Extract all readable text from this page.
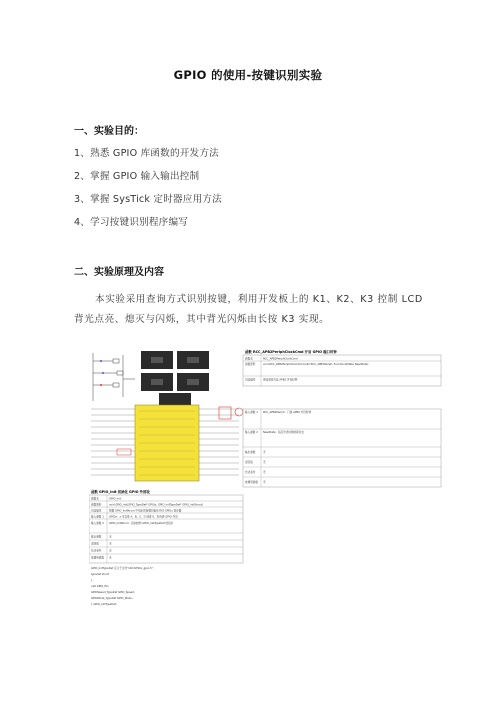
GPIO 的使用-按键识别实验
一、实验目的：
1、熟悉 GPIO 库函数的开发方法
2、掌握 GPIO 输入输出控制
3、掌握 SysTick 定时器应用方法
4、学习按键识别程序编写
二、实验原理及内容
本实验采用查询方式识别按键，利用开发板上的 K1、K2、K3 控制 LCD 背光点亮、熄灭与闪烁，其中背光闪烁由长按 K3 实现。
函数 RCC_APB2PeriphClockCmd 开启 GPIO 端口时钟
函数名	RCC_APB2PeriphClockCmd
函数原形	void RCC_APB2PeriphClockCmd(u32 RCC_APB2Periph, FunctionalState NewState)
功能描述	使能或者失能 APB2 外设时钟
输入参数 1 RCC_APB2Periph：门控 APB2 外设时钟
输入参数 2 NewState：指定外设时钟的新状态
输出参数	无
返回值	无
先决条件	无
被调用函数 无
函数 GPIO_Init 初始化 GPIO 外部设
函数名	GPIO_Init
函数原形	void GPIO_Init(GPIO_TypeDef* GPIOx, GPIO_InitTypeDef* GPIO_InitStruct)
功能描述	根据 GPIO_InitStruct 中指定的参数初始化外设 GPIOx 寄存器
输入参数 1 GPIOx：x 可以是 A，B，C，D 或者 E，来选择 GPIO 外设
输入参数 2 GPIO_InitStruct：指向结构 GPIO_InitTypeDef 的指针
输出参数	无
返回值	无
先决条件	无
被调用函数 无
GPIO_InitTypeDef 定义于文件“stm32f10x_gpio.h”：
typedef struct
{
u16 GPIO_Pin;
GPIOSpeed_TypeDef GPIO_Speed;
GPIOMode_TypeDef GPIO_Mode;
} GPIO_InitTypeDef;
